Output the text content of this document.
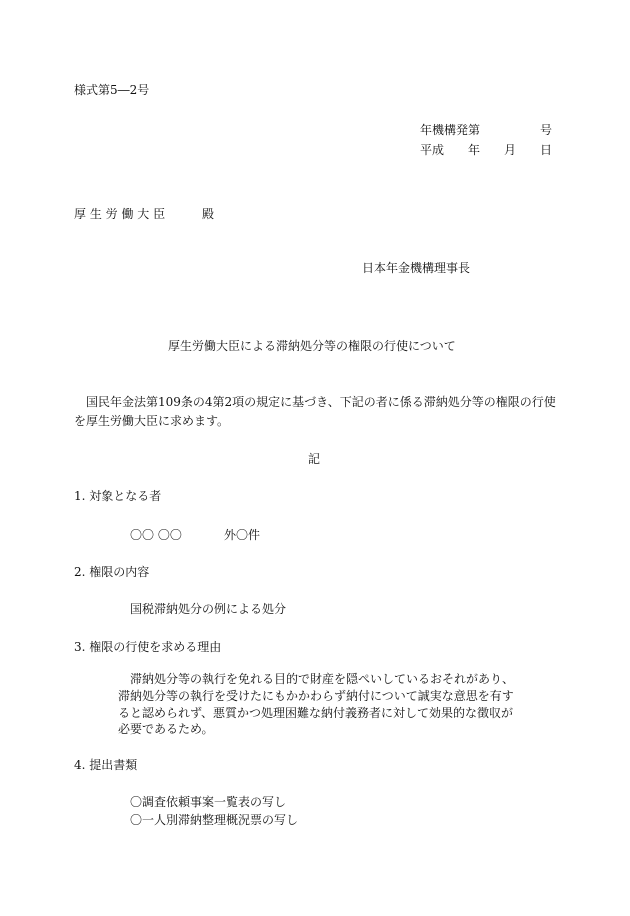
様式第5―2号
年機構発第	号
平成 年 月 日
厚 生 労 働 大 臣	殿
日本年金機構理事長
厚生労働大臣による滞納処分等の権限の行使について
国民年金法第109条の4第2項の規定に基づき、下記の者に係る滞納処分等の権限の行使
を厚生労働大臣に求めます。
記
1. 対象となる者
〇〇 〇〇	外〇件
2. 権限の内容
国税滞納処分の例による処分
3. 権限の行使を求める理由
滞納処分等の執行を免れる目的で財産を隠ぺいしているおそれがあり、
滞納処分等の執行を受けたにもかかわらず納付について誠実な意思を有す
ると認められず、悪質かつ処理困難な納付義務者に対して効果的な徴収が
必要であるため。
4. 提出書類
〇調査依頼事案一覧表の写し
〇一人別滞納整理概況票の写し
